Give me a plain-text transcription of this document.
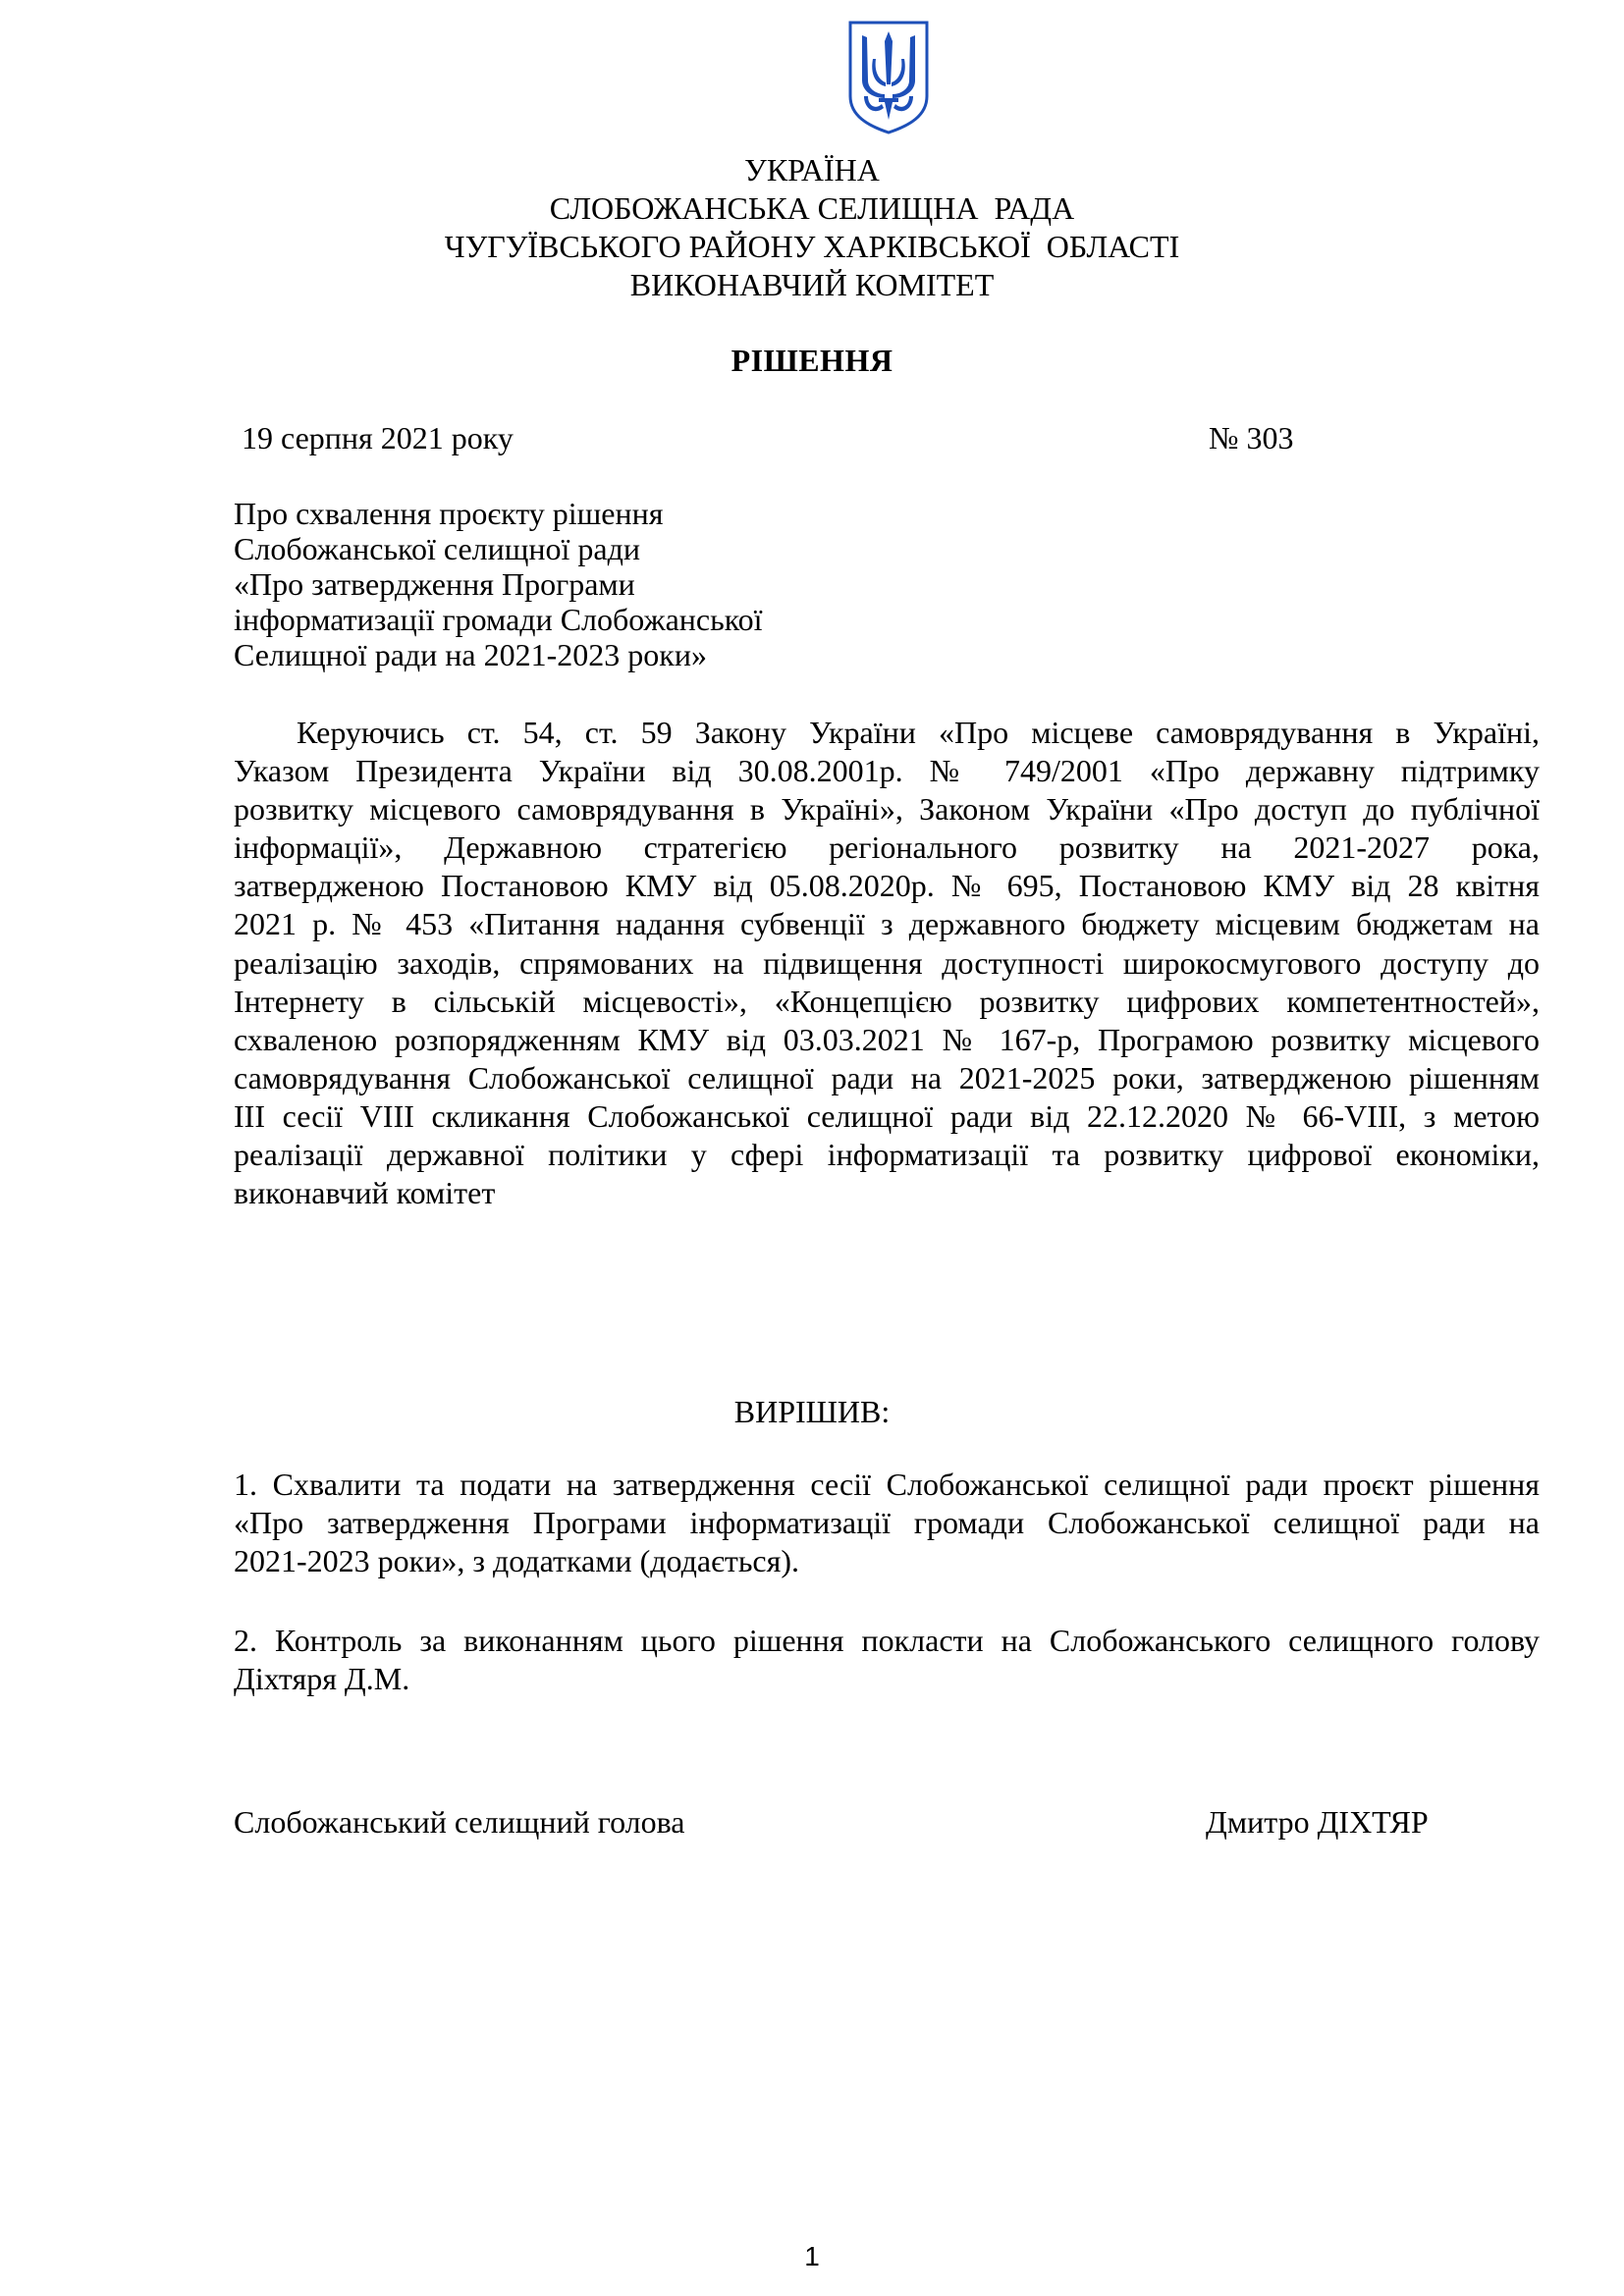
УКРАЇНА
СЛОБОЖАНСЬКА СЕЛИЩНА  РАДА
ЧУГУЇВСЬКОГО РАЙОНУ ХАРКІВСЬКОЇ  ОБЛАСТІ
ВИКОНАВЧИЙ КОМІТЕТ
РІШЕННЯ
19 серпня 2021 року	№ 303
Про схвалення проєкту рішення
Слобожанської селищної ради
«Про затвердження Програми
інформатизації громади Слобожанської
Селищної ради на 2021-2023 роки»
Керуючись ст. 54, ст. 59 Закону України «Про місцеве самоврядування в Україні,
Указом Президента України від 30.08.2001р. № 749/2001 «Про державну підтримку
розвитку місцевого самоврядування в Україні», Законом України «Про доступ до публічної
інформації», Державною стратегією регіонального розвитку на 2021-2027 рока,
затвердженою Постановою КМУ від 05.08.2020р. № 695, Постановою КМУ від 28 квітня
2021 р. № 453 «Питання надання субвенції з державного бюджету місцевим бюджетам на
реалізацію заходів, спрямованих на підвищення доступності широкосмугового доступу до
Інтернету в сільській місцевості», «Концепцією розвитку цифрових компетентностей»,
схваленою розпорядженням КМУ від 03.03.2021 № 167-р, Програмою розвитку місцевого
самоврядування Слобожанської селищної ради на 2021-2025 роки, затвердженою рішенням
ІІІ сесії VІІІ скликання Слобожанської селищної ради від 22.12.2020 № 66-VІІІ, з метою
реалізації державної політики у сфері інформатизації та розвитку цифрової економіки,
виконавчий комітет
ВИРІШИВ:
1. Схвалити та подати на затвердження сесії Слобожанської селищної ради проєкт рішення
«Про затвердження Програми інформатизації громади Слобожанської селищної ради на
2021-2023 роки», з додатками (додається).
2. Контроль за виконанням цього рішення покласти на Слобожанського селищного голову
Діхтяря Д.М.
Слобожанський селищний голова	Дмитро ДІХТЯР
1
